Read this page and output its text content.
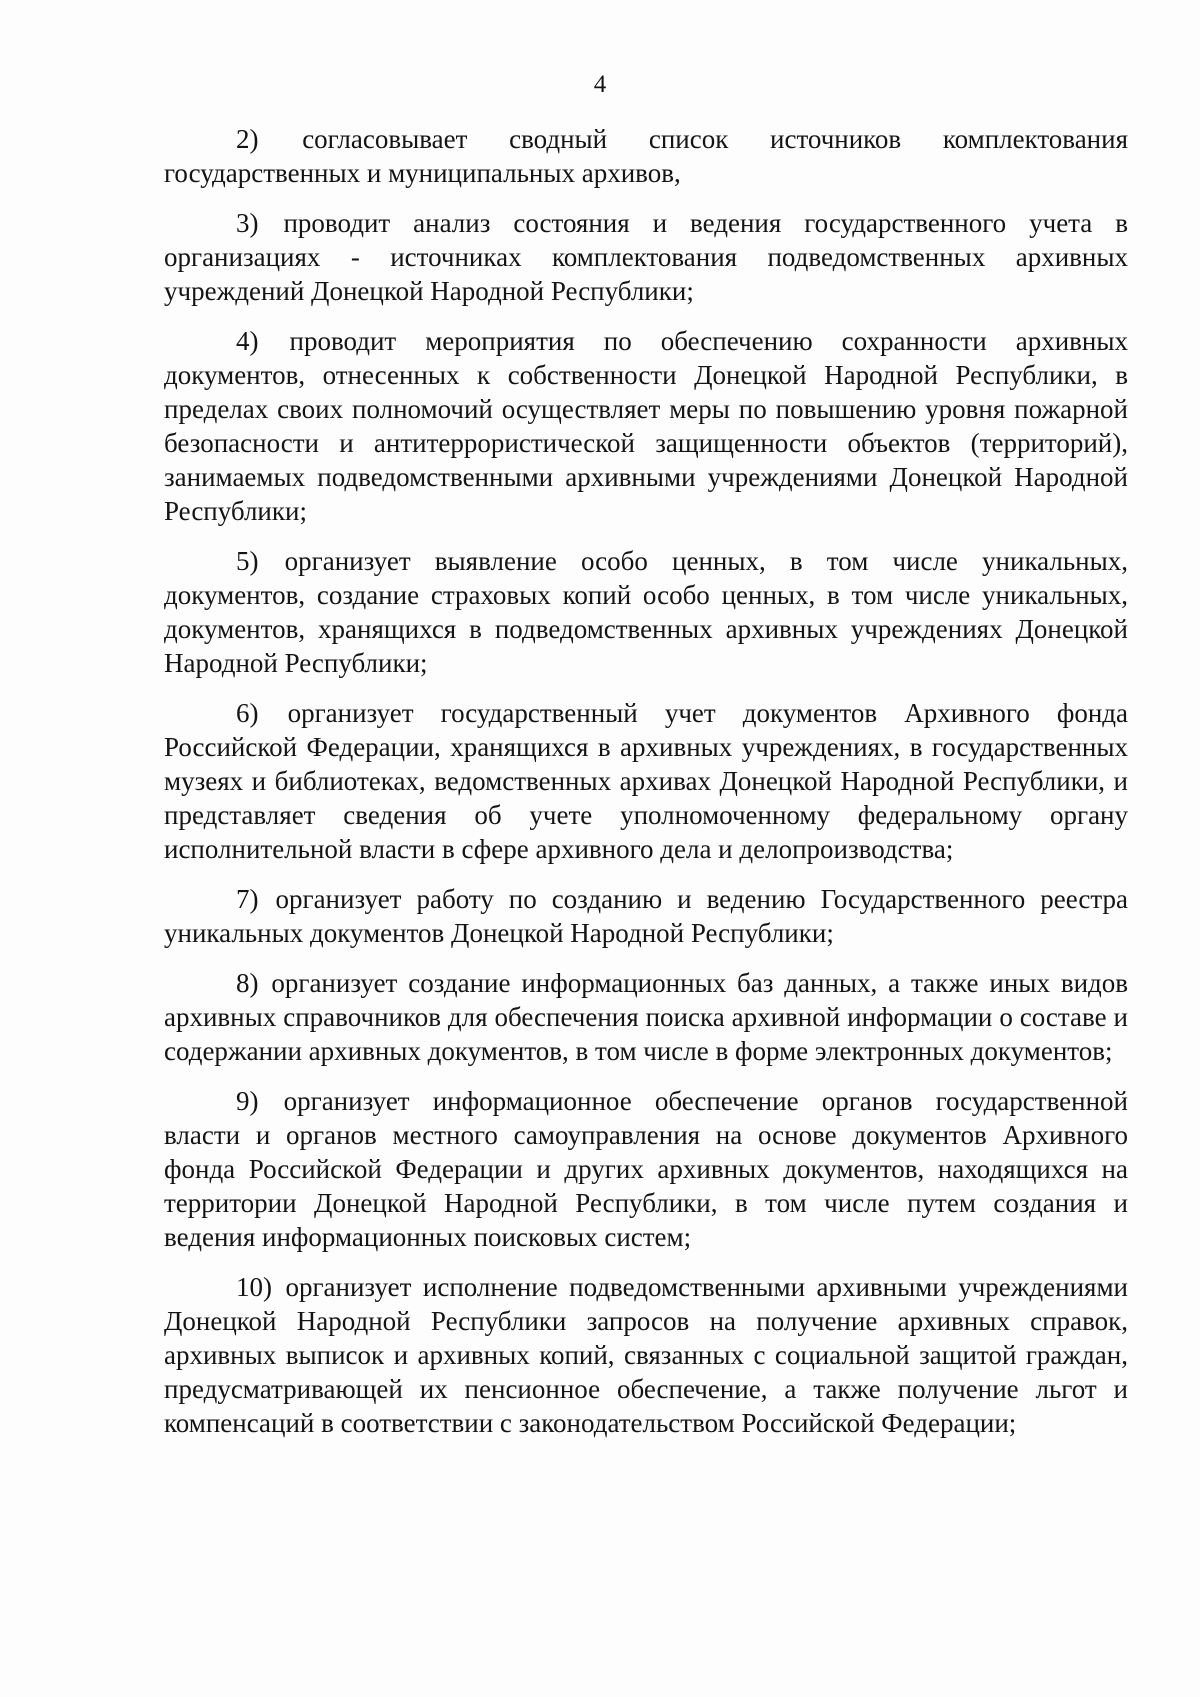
4

2) согласовывает сводный список источников комплектования государственных и муниципальных архивов,

3) проводит анализ состояния и ведения государственного учета в организациях - источниках комплектования подведомственных архивных учреждений Донецкой Народной Республики;

4) проводит мероприятия по обеспечению сохранности архивных документов, отнесенных к собственности Донецкой Народной Республики, в пределах своих полномочий осуществляет меры по повышению уровня пожарной безопасности и антитеррористической защищенности объектов (территорий), занимаемых подведомственными архивными учреждениями Донецкой Народной Республики;

5) организует выявление особо ценных, в том числе уникальных, документов, создание страховых копий особо ценных, в том числе уникальных, документов, хранящихся в подведомственных архивных учреждениях Донецкой Народной Республики;

6) организует государственный учет документов Архивного фонда Российской Федерации, хранящихся в архивных учреждениях, в государственных музеях и библиотеках, ведомственных архивах Донецкой Народной Республики, и представляет сведения об учете уполномоченному федеральному органу исполнительной власти в сфере архивного дела и делопроизводства;

7) организует работу по созданию и ведению Государственного реестра уникальных документов Донецкой Народной Республики;

8) организует создание информационных баз данных, а также иных видов архивных справочников для обеспечения поиска архивной информации о составе и содержании архивных документов, в том числе в форме электронных документов;

9) организует информационное обеспечение органов государственной власти и органов местного самоуправления на основе документов Архивного фонда Российской Федерации и других архивных документов, находящихся на территории Донецкой Народной Республики, в том числе путем создания и ведения информационных поисковых систем;

10) организует исполнение подведомственными архивными учреждениями Донецкой Народной Республики запросов на получение архивных справок, архивных выписок и архивных копий, связанных с социальной защитой граждан, предусматривающей их пенсионное обеспечение, а также получение льгот и компенсаций в соответствии с законодательством Российской Федерации;
